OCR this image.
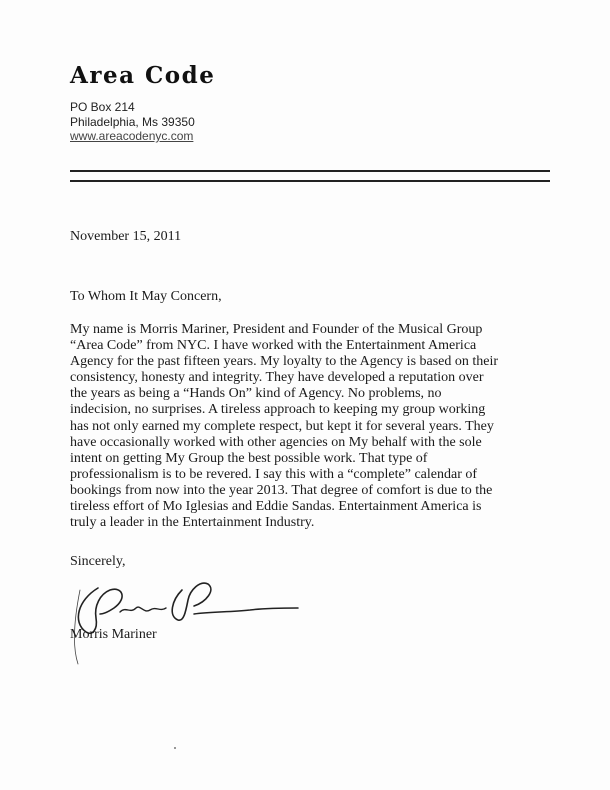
Area Code
PO Box 214
Philadelphia, Ms 39350
www.areacodenyc.com
November 15, 2011
To Whom It May Concern,

My name is Morris Mariner, President and Founder of the Musical Group
“Area Code” from NYC. I have worked with the Entertainment America
Agency for the past fifteen years. My loyalty to the Agency is based on their
consistency, honesty and integrity. They have developed a reputation over
the years as being a “Hands On” kind of Agency. No problems, no
indecision, no surprises. A tireless approach to keeping my group working
has not only earned my complete respect, but kept it for several years. They
have occasionally worked with other agencies on My behalf with the sole
intent on getting My Group the best possible work. That type of
professionalism is to be revered. I say this with a “complete” calendar of
bookings from now into the year 2013. That degree of comfort is due to the
tireless effort of Mo Iglesias and Eddie Sandas. Entertainment America is
truly a leader in the Entertainment Industry.

Sincerely,
Morris Mariner
